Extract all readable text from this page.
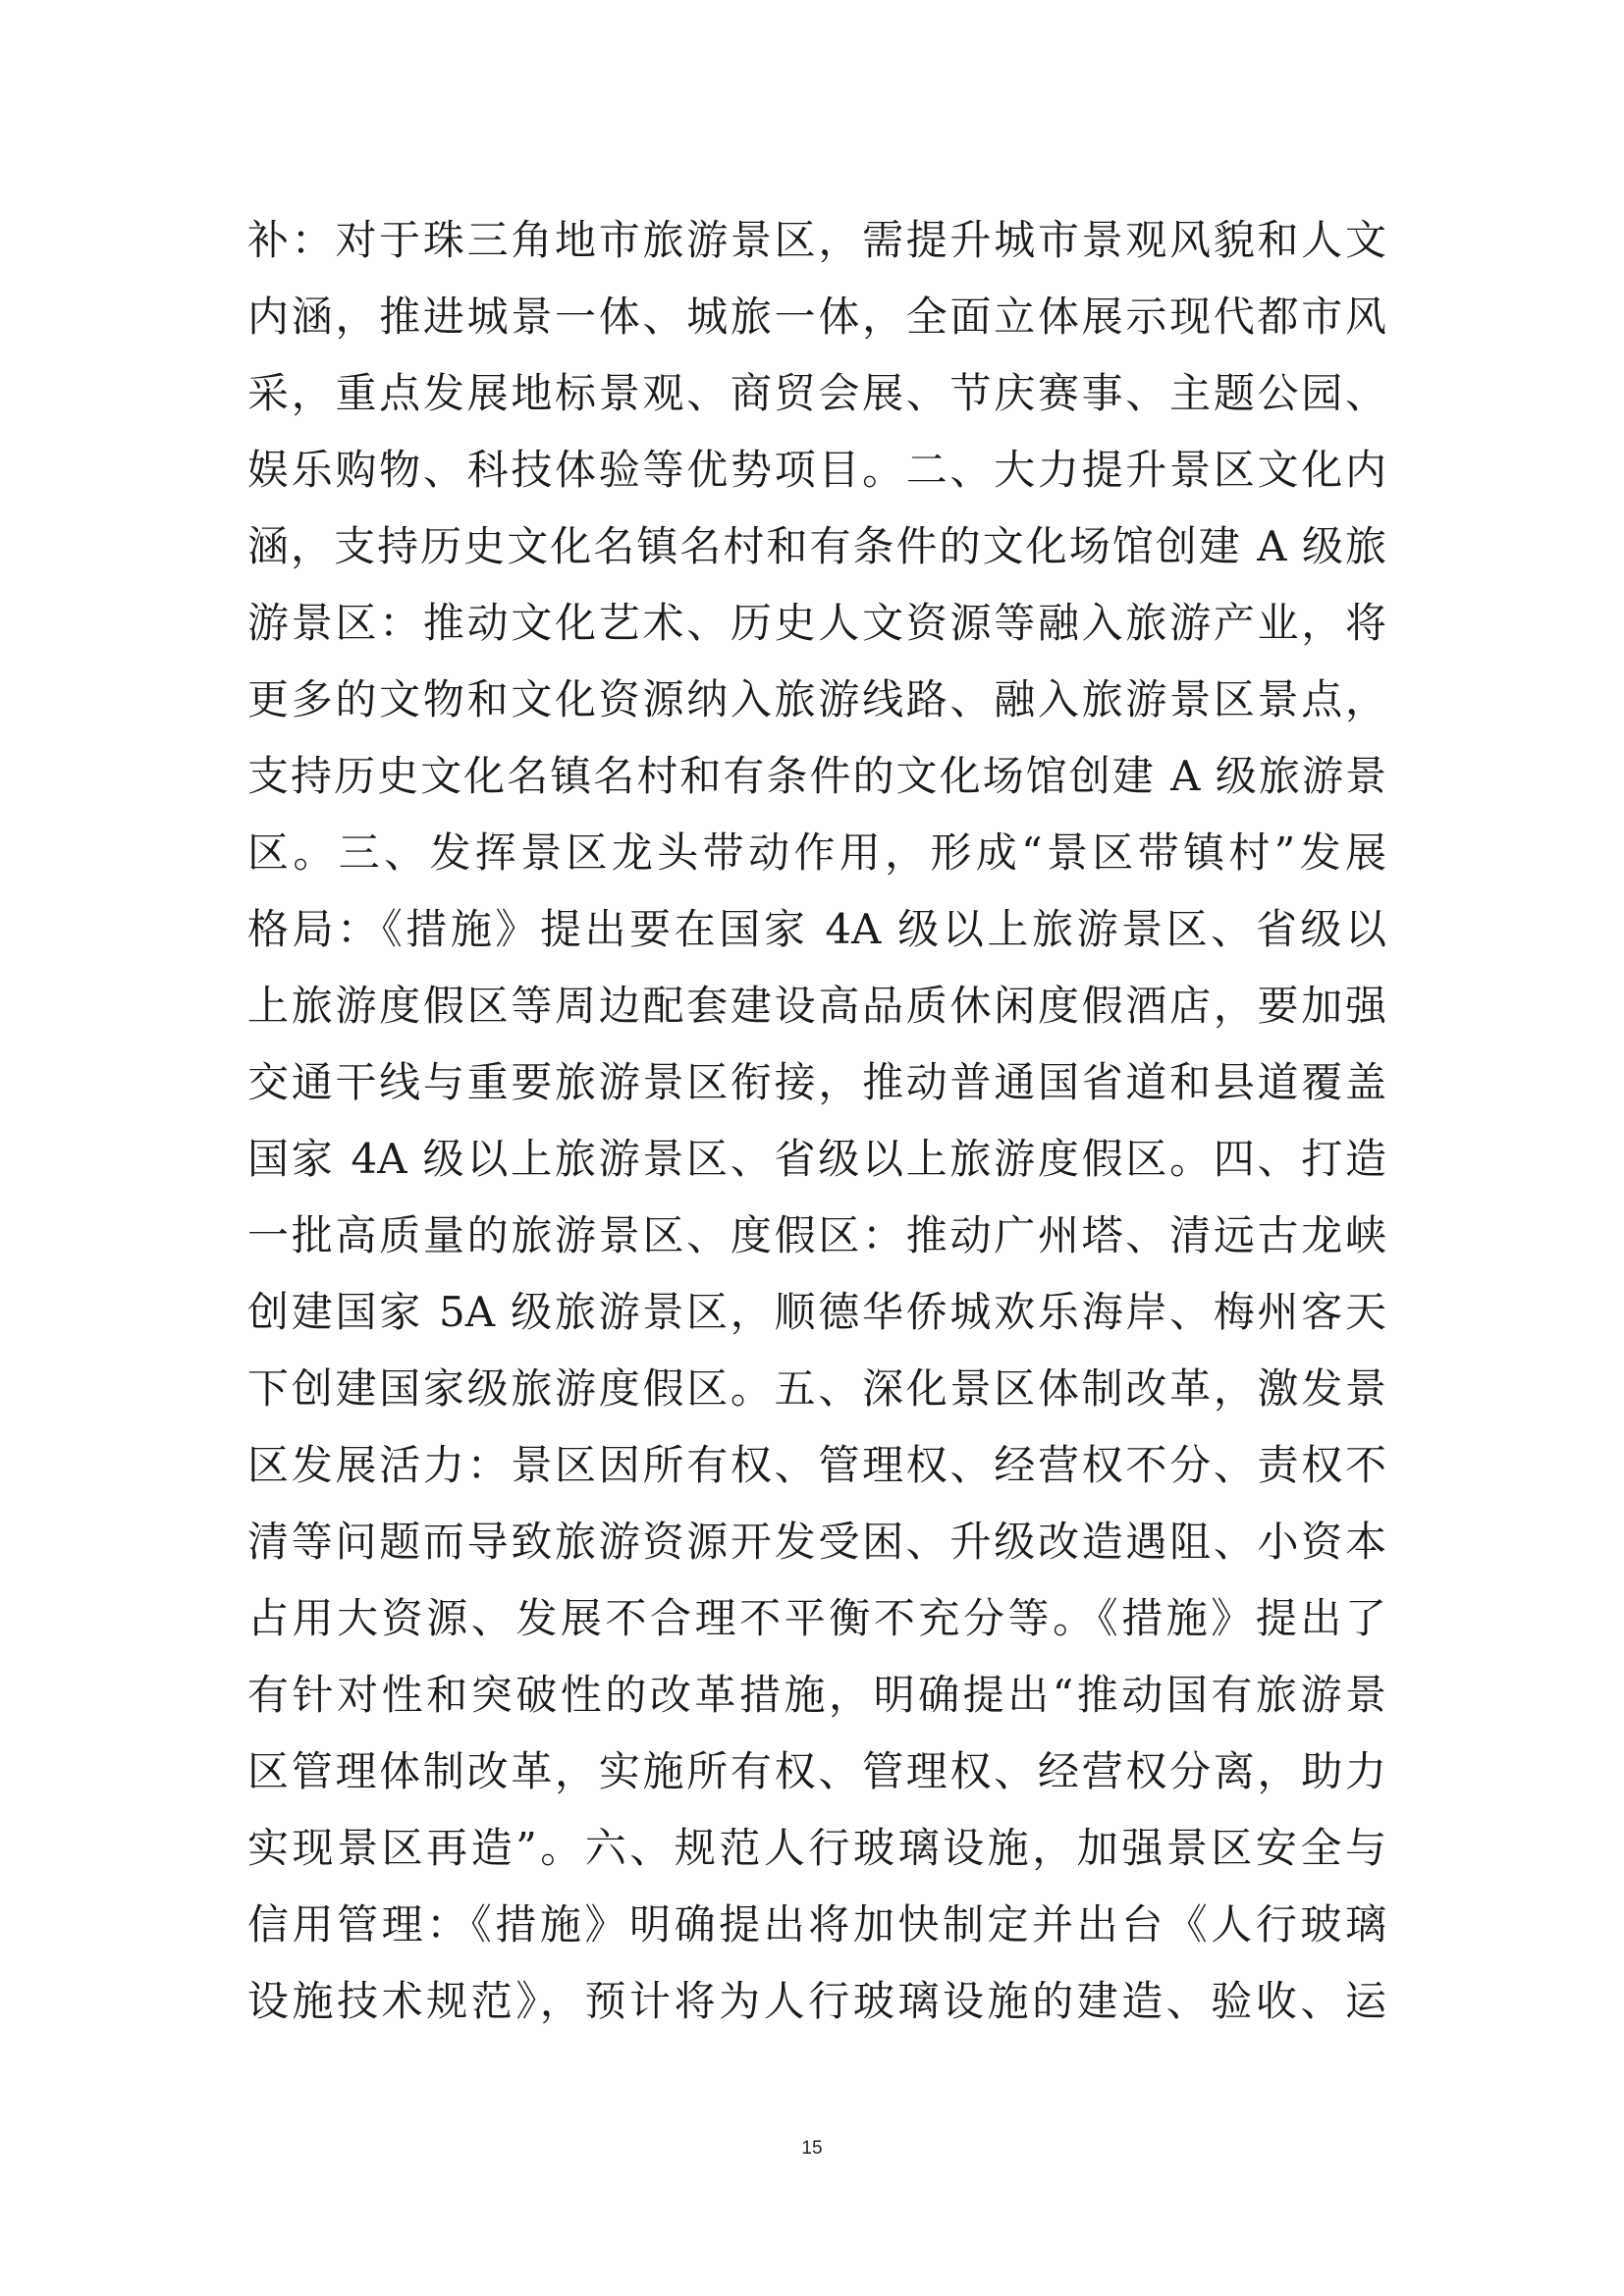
补：对于珠三角地市旅游景区，需提升城市景观风貌和人文
内涵，推进城景一体、城旅一体，全面立体展示现代都市风
采，重点发展地标景观、商贸会展、节庆赛事、主题公园、
娱乐购物、科技体验等优势项目。二、大力提升景区文化内
涵，支持历史文化名镇名村和有条件的文化场馆创建 A 级旅
游景区：推动文化艺术、历史人文资源等融入旅游产业，将
更多的文物和文化资源纳入旅游线路、融入旅游景区景点，
支持历史文化名镇名村和有条件的文化场馆创建 A 级旅游景
区。三、发挥景区龙头带动作用，形成“景区带镇村”发展
格局：《措施》提出要在国家 4A 级以上旅游景区、省级以
上旅游度假区等周边配套建设高品质休闲度假酒店，要加强
交通干线与重要旅游景区衔接，推动普通国省道和县道覆盖
国家 4A 级以上旅游景区、省级以上旅游度假区。四、打造
一批高质量的旅游景区、度假区：推动广州塔、清远古龙峡
创建国家 5A 级旅游景区，顺德华侨城欢乐海岸、梅州客天
下创建国家级旅游度假区。五、深化景区体制改革，激发景
区发展活力：景区因所有权、管理权、经营权不分、责权不
清等问题而导致旅游资源开发受困、升级改造遇阻、小资本
占用大资源、发展不合理不平衡不充分等。《措施》提出了
有针对性和突破性的改革措施，明确提出“推动国有旅游景
区管理体制改革，实施所有权、管理权、经营权分离，助力
实现景区再造”。六、规范人行玻璃设施，加强景区安全与
信用管理：《措施》明确提出将加快制定并出台《人行玻璃
设施技术规范》，预计将为人行玻璃设施的建造、验收、运
15
